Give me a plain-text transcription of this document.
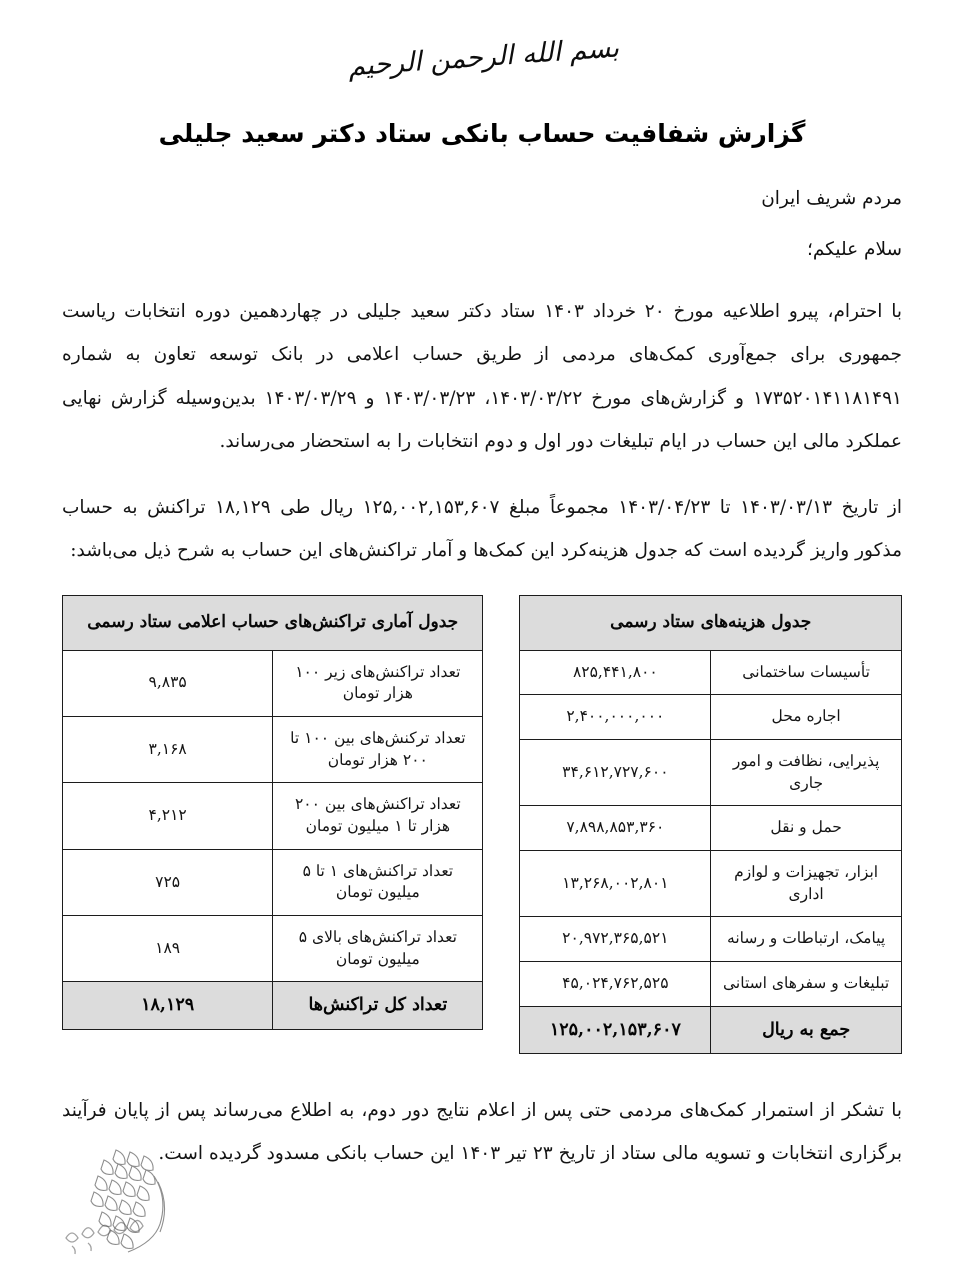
بسم الله الرحمن الرحیم
گزارش شفافیت حساب بانکی ستاد دکتر سعید جلیلی

مردم شریف ایران

سلام علیکم؛

با احترام، پیرو اطلاعیه مورخ ۲۰ خرداد ۱۴۰۳ ستاد دکتر سعید جلیلی در چهاردهمین دوره انتخابات ریاست جمهوری برای جمع‌آوری کمک‌های مردمی از طریق حساب اعلامی در بانک توسعه تعاون به شماره ۱۷۳۵۲۰۱۴۱۱۸۱۴۹۱ و گزارش‌های مورخ ۱۴۰۳/۰۳/۲۲، ۱۴۰۳/۰۳/۲۳ و ۱۴۰۳/۰۳/۲۹ بدین‌وسیله گزارش نهایی عملکرد مالی این حساب در ایام تبلیغات دور اول و دوم انتخابات را به استحضار می‌رساند.

از تاریخ ۱۴۰۳/۰۳/۱۳ تا ۱۴۰۳/۰۴/۲۳ مجموعاً مبلغ ۱۲۵,۰۰۲,۱۵۳,۶۰۷ ریال طی ۱۸,۱۲۹ تراکنش به حساب مذکور واریز گردیده است که جدول هزینه‌کرد این کمک‌ها و آمار تراکنش‌های این حساب به شرح ذیل می‌باشد:

جدول هزینه‌های ستاد رسمی	
تأسیسات ساختمانی	۸۲۵,۴۴۱,۸۰۰
اجاره محل	۲,۴۰۰,۰۰۰,۰۰۰
پذیرایی، نظافت و امور جاری	۳۴,۶۱۲,۷۲۷,۶۰۰
حمل و نقل	۷,۸۹۸,۸۵۳,۳۶۰
ابزار، تجهیزات و لوازم اداری	۱۳,۲۶۸,۰۰۲,۸۰۱
پیامک، ارتباطات و رسانه	۲۰,۹۷۲,۳۶۵,۵۲۱
تبلیغات و سفرهای استانی	۴۵,۰۲۴,۷۶۲,۵۲۵
جمع به ریال	۱۲۵,۰۰۲,۱۵۳,۶۰۷
جدول آماری تراکنش‌های حساب اعلامی ستاد رسمی	
تعداد تراکنش‌های زیر ۱۰۰ هزار تومان	۹,۸۳۵
تعداد ترکنش‌های بین ۱۰۰ تا ۲۰۰ هزار تومان	۳,۱۶۸
تعداد تراکنش‌های بین ۲۰۰ هزار تا ۱ میلیون تومان	۴,۲۱۲
تعداد تراکنش‌های ۱ تا ۵ میلیون تومان	۷۲۵
تعداد تراکنش‌های بالای ۵ میلیون تومان	۱۸۹
تعداد کل تراکنش‌ها	۱۸,۱۲۹

با تشکر از استمرار کمک‌های مردمی حتی پس از اعلام نتایج دور دوم، به اطلاع می‌رساند پس از پایان فرآیند برگزاری انتخابات و تسویه مالی ستاد از تاریخ ۲۳ تیر ۱۴۰۳ این حساب بانکی مسدود گردیده است.
